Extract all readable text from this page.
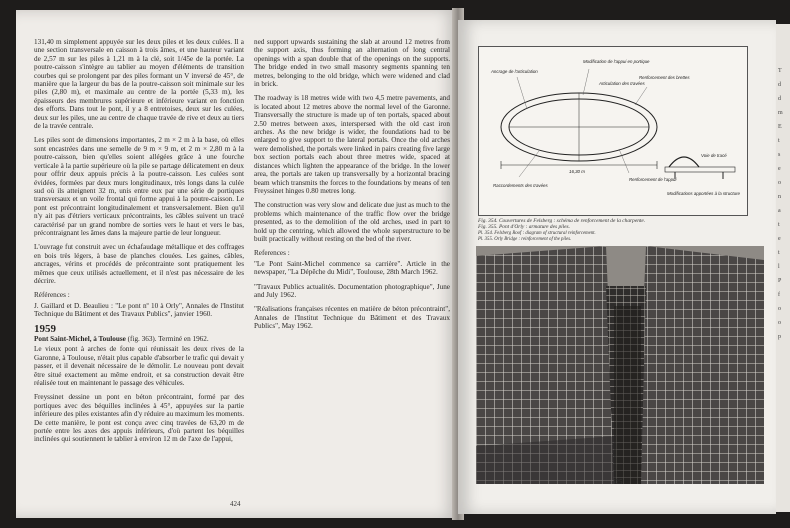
131,40 m simplement appuyée sur les deux piles et les deux culées. Il a une section transversale en caisson à trois âmes, et une hauteur variant de 2,57 m sur les piles à 1,21 m à la clé, soit 1/45e de la portée. La poutre-caisson s'intègre au tablier au moyen d'éléments de transition courbes qui se prolongent par des piles formant un V inversé de 45°, de manière que la largeur du bas de la poutre-caisson soit minimale sur les piles (2,80 m), et maximale au centre de la portée (5,33 m), les épaisseurs des membrures supérieure et inférieure variant en fonction des efforts. Dans tout le pont, il y a 8 entretoises, deux sur les culées, deux sur les piles, une au centre de chaque travée de rive et deux au tiers de la travée centrale.

Les piles sont de dimensions importantes, 2 m × 2 m à la base, où elles sont encastrées dans une semelle de 9 m × 9 m, et 2 m × 2,80 m à la poutre-caisson, bien qu'elles soient allégées grâce à une fourche verticale à la partie supérieure où la pile se partage délicatement en deux pour offrir deux appuis précis à la poutre-caisson. Les culées sont évidées, formées par deux murs longitudinaux, très longs dans la culée sud où ils atteignent 32 m, unis entre eux par une série de portiques transversaux et un voile frontal qui forme appui à la poutre-caisson. Le pont est précontraint longitudinalement et transversalement. Bien qu'il n'y ait pas d'étriers verticaux précontraints, les câbles suivent un tracé caractérisé par un grand nombre de sorties vers le haut et vers le bas, précontraignant les âmes dans la majeure partie de leur longueur.

L'ouvrage fut construit avec un échafaudage métallique et des coffrages en bois très légers, à base de planches clouées. Les gaines, câbles, ancrages, vérins et procédés de précontrainte sont pratiquement les mêmes que ceux utilisés actuellement, et il n'est pas nécessaire de les décrire.

Références :

J. Gaillard et D. Beaulieu : "Le pont nº 10 à Orly", Annales de l'Institut Technique du Bâtiment et des Travaux Publics", janvier 1960.

1959

Pont Saint-Michel, à Toulouse (fig. 363). Terminé en 1962.

Le vieux pont à arches de fonte qui réunissait les deux rives de la Garonne, à Toulouse, n'était plus capable d'absorber le trafic qui devait y passer, et il devenait nécessaire de le démolir. Le nouveau pont devait être situé exactement au même endroit, et sa construction devait être réalisée tout en maintenant le passage des véhicules.

Freyssinet dessine un pont en béton précontraint, formé par des portiques avec des béquilles inclinées à 45°, appuyées sur la partie inférieure des piles existantes afin d'y réduire au maximum les moments. De cette manière, le pont est conçu avec cinq travées de 63,20 m de portée entre les axes des appuis inférieurs, d'où partent les béquilles inclinées qui soutiennent le tablier à environ 12 m de l'axe de l'appui,

ned support upwards sustaining the slab at around 12 metres from the support axis, thus forming an alternation of long central openings with a span double that of the openings on the supports. The bridge ended in two small masonry segments spanning ten metres, belonging to the old bridge, which were widened and clad in brick.

The roadway is 18 metres wide with two 4,5 metre pavements, and is located about 12 metres above the normal level of the Garonne. Transversally the structure is made up of ten portals, spaced about 2.50 metres between axes, interspersed with the old cast iron arches. As the new bridge is wider, the foundations had to be enlarged to give support to the lateral portals. Once the old arches were demolished, the portals were linked in pairs creating five large box section portals each about three metres wide, spaced at distances which lighten the appearance of the bridge. In the lower area, the portals are taken up transversally by a horizontal bracing beam which transmits the forces to the foundations by means of ten Freyssinet hinges 0.80 metres long.

The construction was very slow and delicate due just as much to the problems which maintenance of the traffic flow over the bridge presented, as to the demolition of the old arches, used in part to hold up the centring, which allowed the whole superstructure to be built practically without resting on the bed of the river.

References :

"Le Pont Saint-Michel commence sa carrière". Article in the newspaper, "La Dépêche du Midi", Toulouse, 28th March 1962.

"Travaux Publics actualités. Documentation photographique", June and July 1962.

"Réalisations françaises récentes en matière de béton précontraint", Annales de l'Institut Technique du Bâtiment et des Travaux Publics", May 1962.

424
Ancrage de l'articulation
Modification de l'appui en portique
Raccordements des travées
Articulation des travées
Renforcement de l'appui
Renforcement des brettes
16,30 m
Voie de tracé
Modifications apportées à la structure
Fig. 354. Couvertures de Felsberg : schéma de renforcement de la charpente.
Fig. 355. Pont d'Orly : armature des piles.
Pl. 354. Felsberg Roof : diagram of structural reinforcement.
Pl. 355. Orly Bridge : reinforcement of the piles.
425
T
d
d
m
E
t
s
e
o
n
a
t
e
t
l
P
f
o
o
p
